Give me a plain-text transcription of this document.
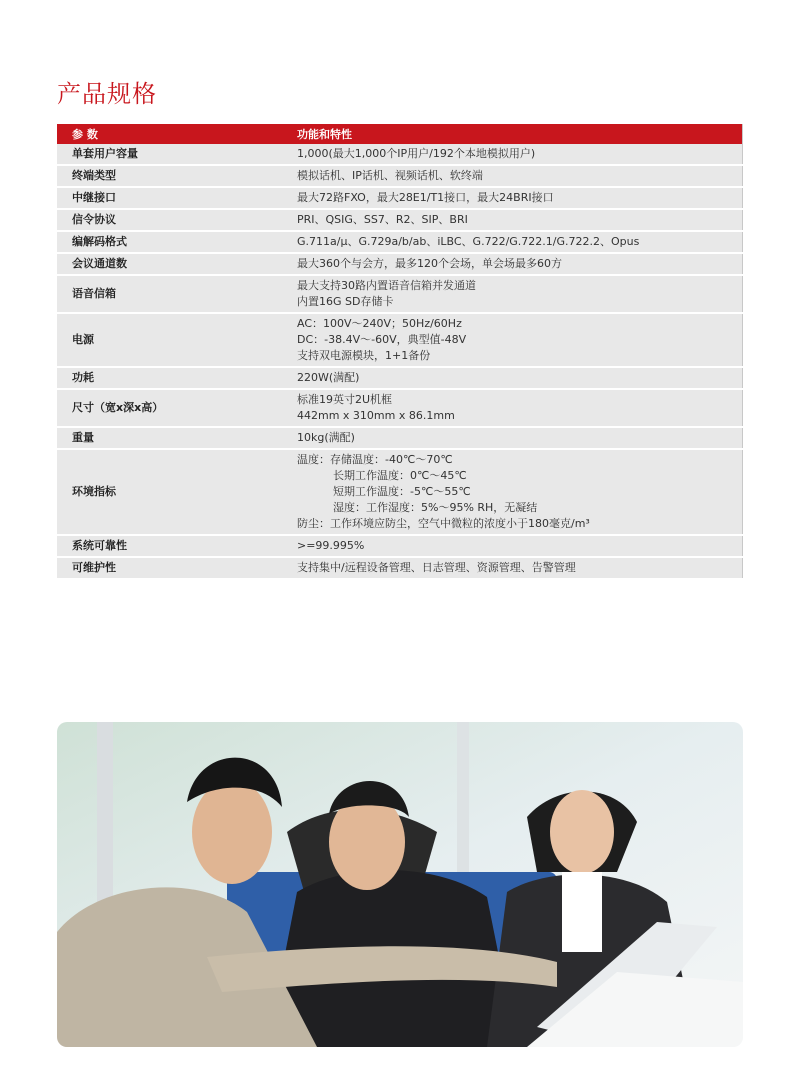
产品规格
参 数	功能和特性
单套用户容量	1,000(最大1,000个IP用户/192个本地模拟用户)

终端类型	模拟话机、IP话机、视频话机、软终端

中继接口	最大72路FXO，最大28E1/T1接口，最大24BRI接口

信令协议	PRI、QSIG、SS7、R2、SIP、BRI

编解码格式	G.711a/μ、G.729a/b/ab、iLBC、G.722/G.722.1/G.722.2、Opus

会议通道数	最大360个与会方，最多120个会场，单会场最多60方

语音信箱	最大支持30路内置语音信箱并发通道
内置16G SD存储卡

电源	AC：100V～240V；50Hz/60Hz
DC：-38.4V～-60V，典型值-48V
支持双电源模块，1+1备份

功耗	220W(满配)

尺寸（宽x深x高）	标准19英寸2U机框
442mm x 310mm x 86.1mm

重量	10kg(满配)

环境指标	温度：存储温度：-40℃～70℃
长期工作温度：0℃～45℃
短期工作温度：-5℃～55℃
湿度：工作湿度：5%～95% RH，无凝结
防尘：工作环境应防尘，空气中微粒的浓度小于180毫克/m³

系统可靠性	>=99.995%

可维护性	支持集中/远程设备管理、日志管理、资源管理、告警管理
